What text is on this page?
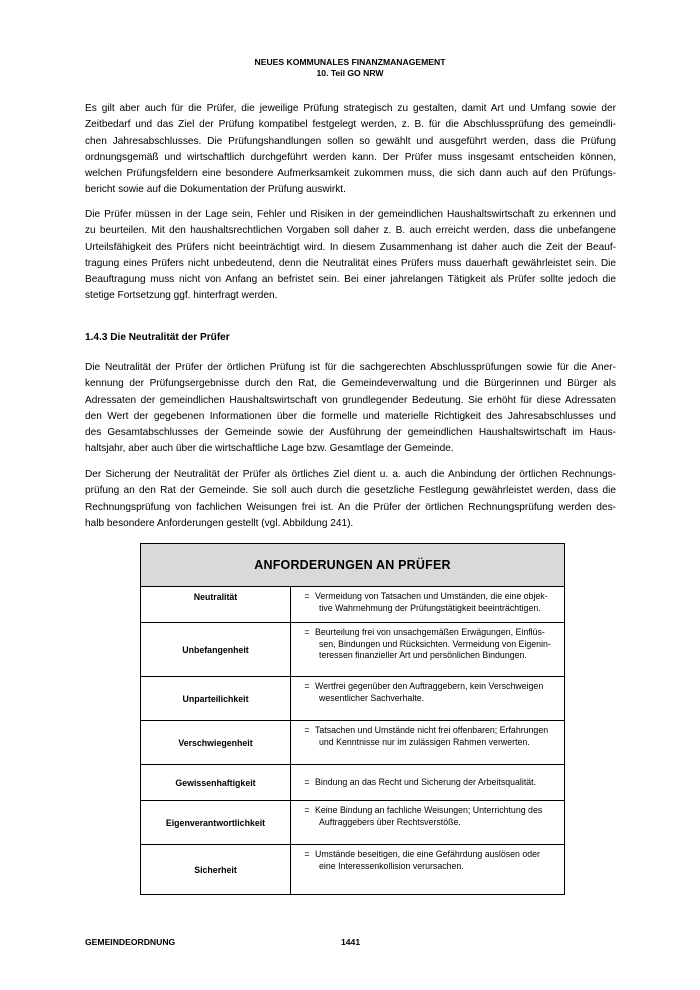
NEUES KOMMUNALES FINANZMANAGEMENT
10. Teil GO NRW
Es gilt aber auch für die Prüfer, die jeweilige Prüfung strategisch zu gestalten, damit Art und Umfang sowie der
Zeitbedarf und das Ziel der Prüfung kompatibel festgelegt werden, z. B. für die Abschlussprüfung des gemeindli-
chen Jahresabschlusses. Die Prüfungshandlungen sollen so gewählt und ausgeführt werden, dass die Prüfung
ordnungsgemäß und wirtschaftlich durchgeführt werden kann. Der Prüfer muss insgesamt entscheiden können,
welchen Prüfungsfeldern eine besondere Aufmerksamkeit zukommen muss, die sich dann auch auf den Prüfungs-
bericht sowie auf die Dokumentation der Prüfung auswirkt.
Die Prüfer müssen in der Lage sein, Fehler und Risiken in der gemeindlichen Haushaltswirtschaft zu erkennen und
zu beurteilen. Mit den haushaltsrechtlichen Vorgaben soll daher z. B. auch erreicht werden, dass die unbefangene
Urteilsfähigkeit des Prüfers nicht beeinträchtigt wird. In diesem Zusammenhang ist daher auch die Zeit der Beauf-
tragung eines Prüfers nicht unbedeutend, denn die Neutralität eines Prüfers muss dauerhaft gewährleistet sein. Die
Beauftragung muss nicht von Anfang an befristet sein. Bei einer jahrelangen Tätigkeit als Prüfer sollte jedoch die
stetige Fortsetzung ggf. hinterfragt werden.
1.4.3 Die Neutralität der Prüfer
Die Neutralität der Prüfer der örtlichen Prüfung ist für die sachgerechten Abschlussprüfungen sowie für die Aner-
kennung der Prüfungsergebnisse durch den Rat, die Gemeindeverwaltung und die Bürgerinnen und Bürger als
Adressaten der gemeindlichen Haushaltswirtschaft von grundlegender Bedeutung. Sie erhöht für diese Adressaten
den Wert der gegebenen Informationen über die formelle und materielle Richtigkeit des Jahresabschlusses und
des Gesamtabschlusses der Gemeinde sowie der Ausführung der gemeindlichen Haushaltswirtschaft im Haus-
haltsjahr, aber auch über die wirtschaftliche Lage bzw. Gesamtlage der Gemeinde.
Der Sicherung der Neutralität der Prüfer als örtliches Ziel dient u. a. auch die Anbindung der örtlichen Rechnungs-
prüfung an den Rat der Gemeinde. Sie soll auch durch die gesetzliche Festlegung gewährleistet werden, dass die
Rechnungsprüfung von fachlichen Weisungen frei ist. An die Prüfer der örtlichen Rechnungsprüfung werden des-
halb besondere Anforderungen gestellt (vgl. Abbildung 241).
ANFORDERUNGEN AN PRÜFER	
Neutralität	= Vermeidung von Tatsachen und Umständen, die eine objek-
tive Wahrnehmung der Prüfungstätigkeit beeinträchtigen.

Unbefangenheit	= Beurteilung frei von unsachgemäßen Erwägungen, Einflüs-
sen, Bindungen und Rücksichten. Vermeidung von Eigenin-
teressen finanzieller Art und persönlichen Bindungen.

Unparteilichkeit	= Wertfrei gegenüber den Auftraggebern, kein Verschweigen
wesentlicher Sachverhalte.

Verschwiegenheit	= Tatsachen und Umstände nicht frei offenbaren; Erfahrungen
und Kenntnisse nur im zulässigen Rahmen verwerten.

Gewissenhaftigkeit	= Bindung an das Recht und Sicherung der Arbeitsqualität.

Eigenverantwortlichkeit	= Keine Bindung an fachliche Weisungen; Unterrichtung des
Auftraggebers über Rechtsverstöße.

Sicherheit	= Umstände beseitigen, die eine Gefährdung auslösen oder
eine Interessenkollision verursachen.
GEMEINDEORDNUNG	1441
